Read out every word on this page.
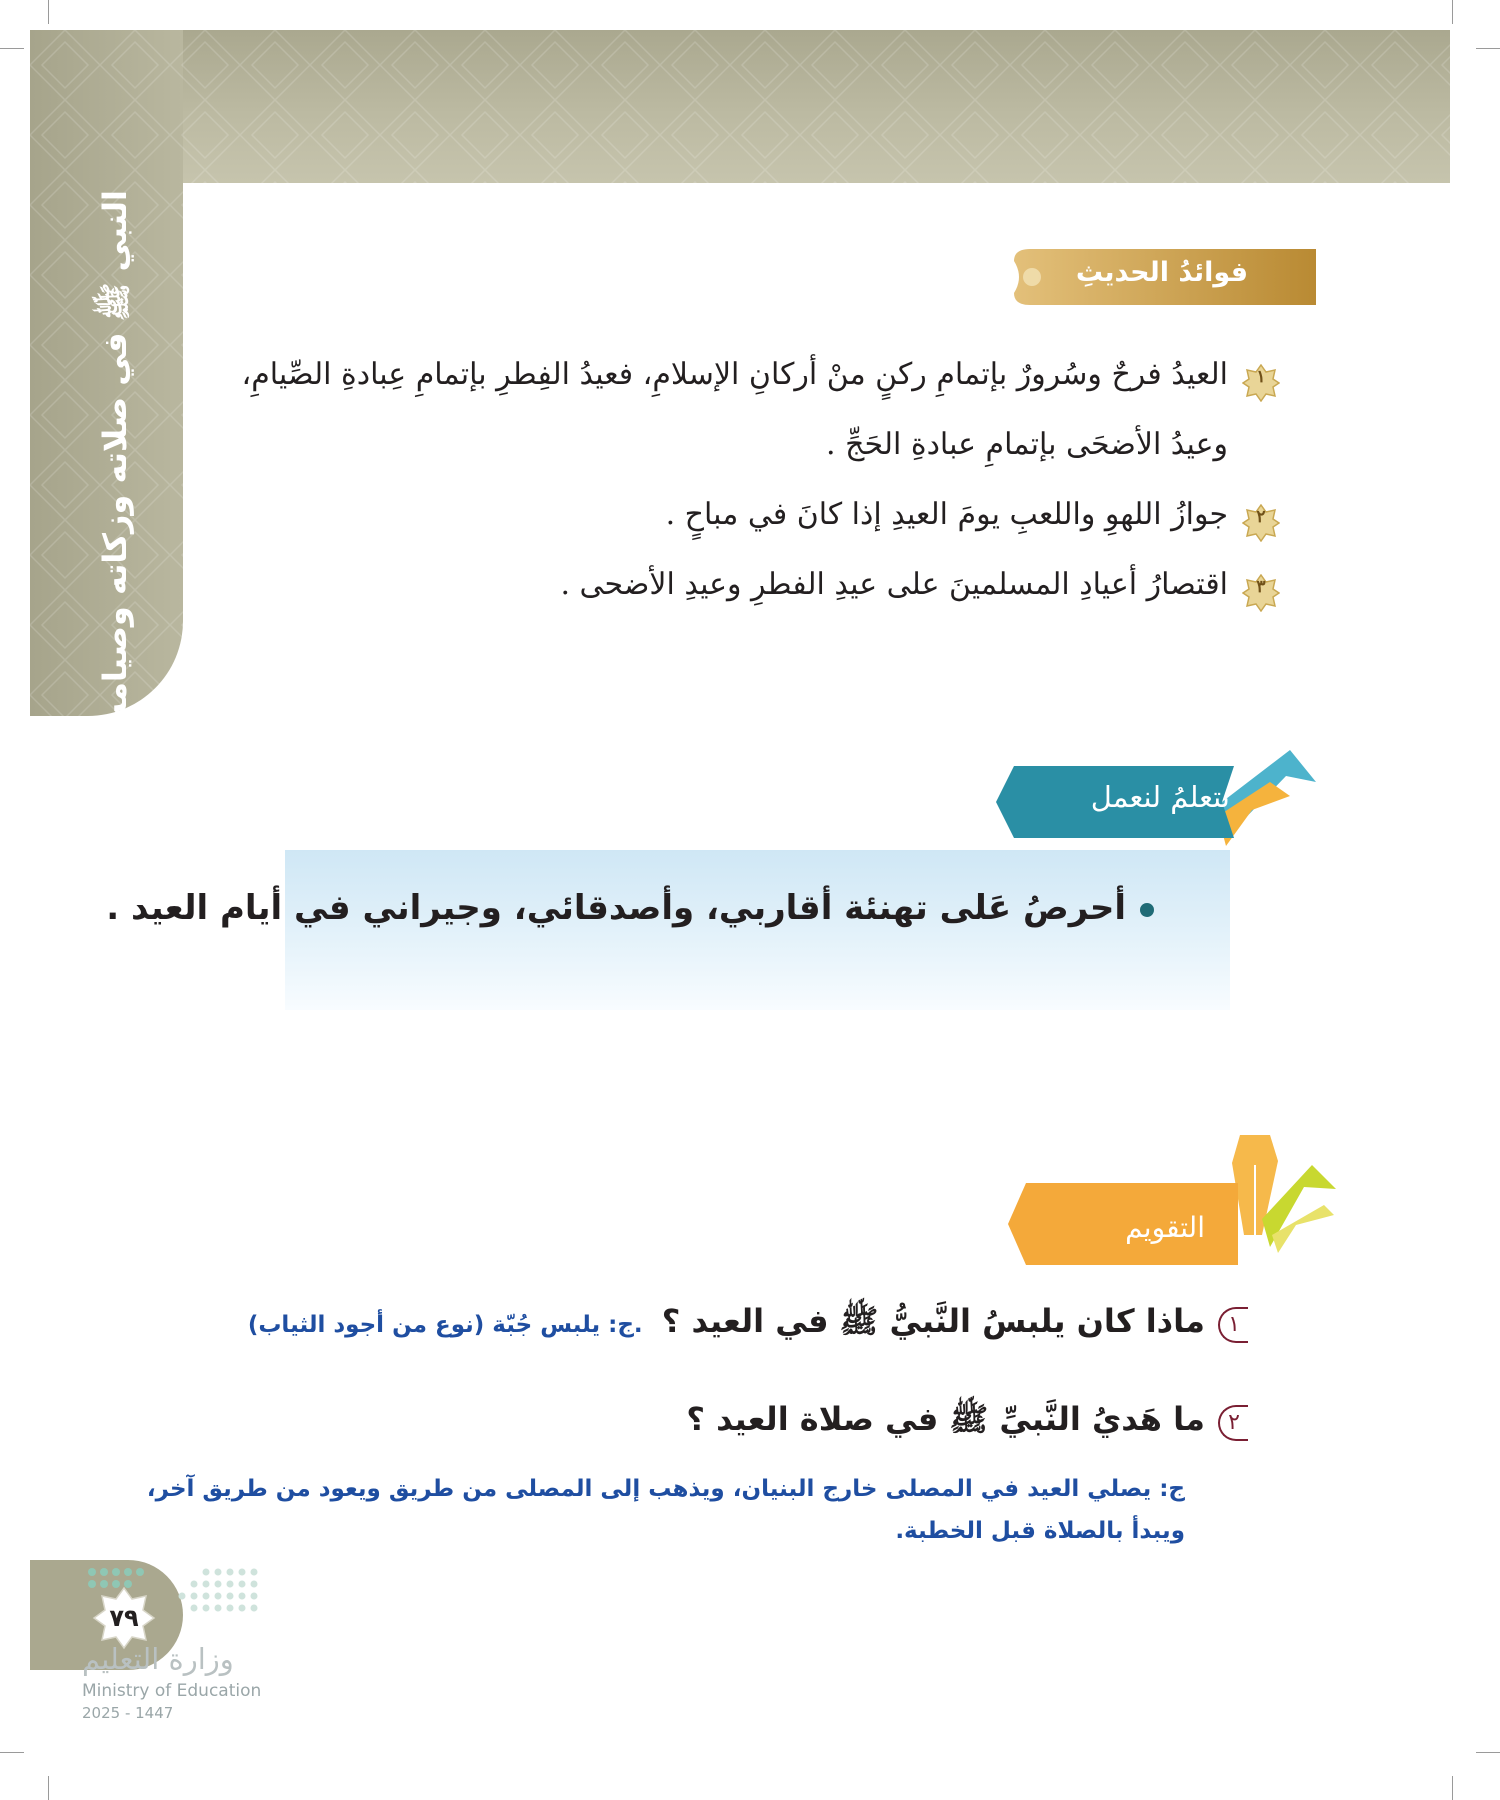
النبي ﷺ في صلاته وزكاته وصيامه وحجه	فوائدُ الحديثِ
١
العيدُ فرحٌ وسُرورٌ بإتمامِ ركنٍ منْ أركانِ الإسلامِ، فعيدُ الفِطرِ بإتمامِ عِبادةِ الصِّيامِ، وعيدُ الأضحَى بإتمامِ عبادةِ الحَجِّ .
٢
جوازُ اللهوِ واللعبِ يومَ العيدِ إذا كانَ في مباحٍ .
٣
اقتصارُ أعيادِ المسلمينَ على عيدِ الفطرِ وعيدِ الأضحى .
أحرصُ عَلى تهنئة أقاربي، وأصدقائي، وجيراني في أيام العيد .
نتعلمُ لنعمل
التقويم
١ ماذا كان يلبسُ النَّبيُّ ﷺ في العيد ؟ .ج: يلبس جُبّة (نوع من أجود الثياب)
٢ ما هَديُ النَّبيِّ ﷺ في صلاة العيد ؟
ج: يصلي العيد في المصلى خارج البنيان، ويذهب إلى المصلى من طريق ويعود من طريق آخر، ويبدأ بالصلاة قبل الخطبة.
٧٩
وزارة التعليم
Ministry of Education
2025 - 1447
